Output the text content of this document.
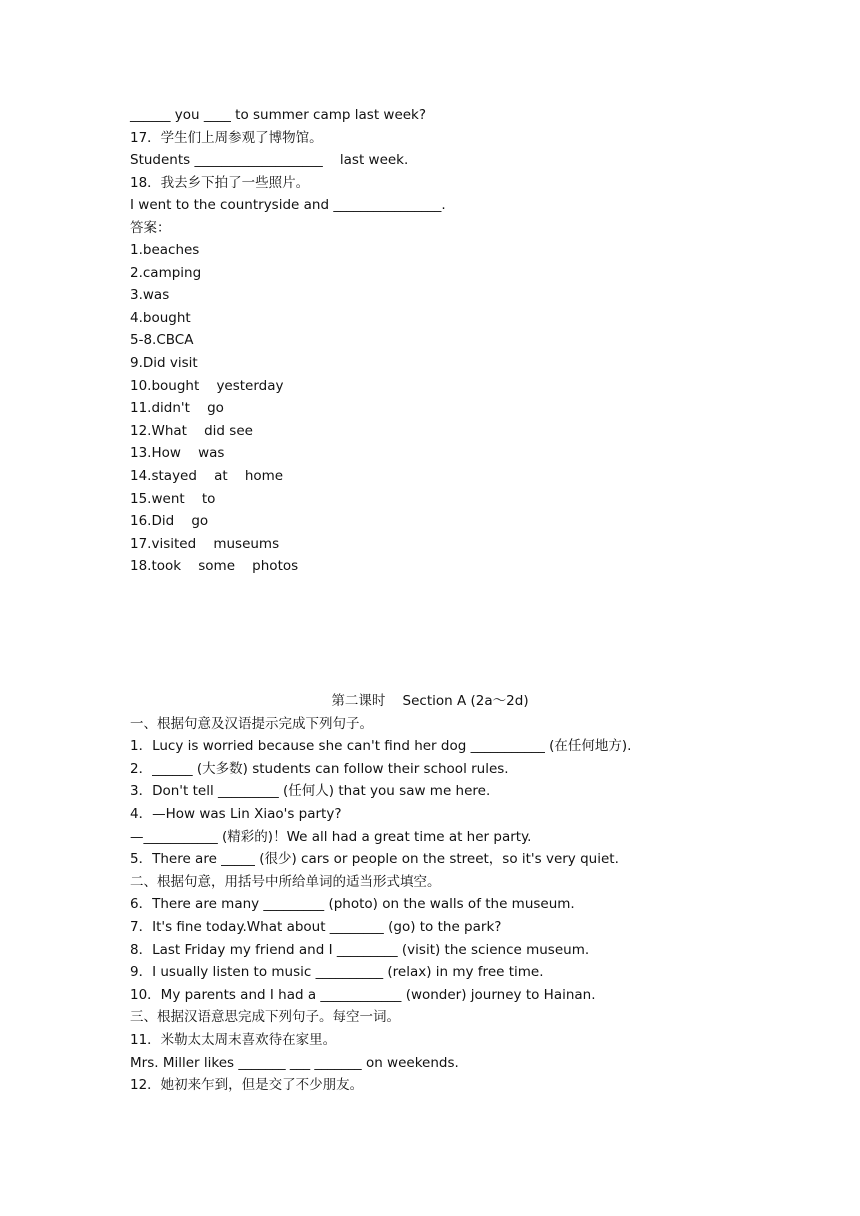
______ you ____ to summer camp last week?
17．学生们上周参观了博物馆。
Students ___________________    last week.
18．我去乡下拍了一些照片。
I went to the countryside and ________________.
答案：
1.beaches
2.camping
3.was
4.bought
5-8.CBCA
9.Did visit
10.bought    yesterday
11.didn't    go
12.What    did see
13.How    was
14.stayed    at    home
15.went    to
16.Did    go
17.visited    museums
18.took    some    photos
第二课时    Section A (2a～2d)
一、根据句意及汉语提示完成下列句子。
1．Lucy is worried because she can't find her dog ___________ (在任何地方).
2．______ (大多数) students can follow their school rules.
3．Don't tell _________ (任何人) that you saw me here.
4．—How was Lin Xiao's party?
—___________ (精彩的)！We all had a great time at her party.
5．There are _____ (很少) cars or people on the street，so it's very quiet.
二、根据句意，用括号中所给单词的适当形式填空。
6．There are many _________ (photo) on the walls of the museum.
7．It's fine today.What about ________ (go) to the park?
8．Last Friday my friend and I _________ (visit) the science museum.
9．I usually listen to music __________ (relax) in my free time.
10．My parents and I had a ____________ (wonder) journey to Hainan.
三、根据汉语意思完成下列句子。每空一词。
11．米勒太太周末喜欢待在家里。
Mrs. Miller likes _______ ___ _______ on weekends.
12．她初来乍到，但是交了不少朋友。
